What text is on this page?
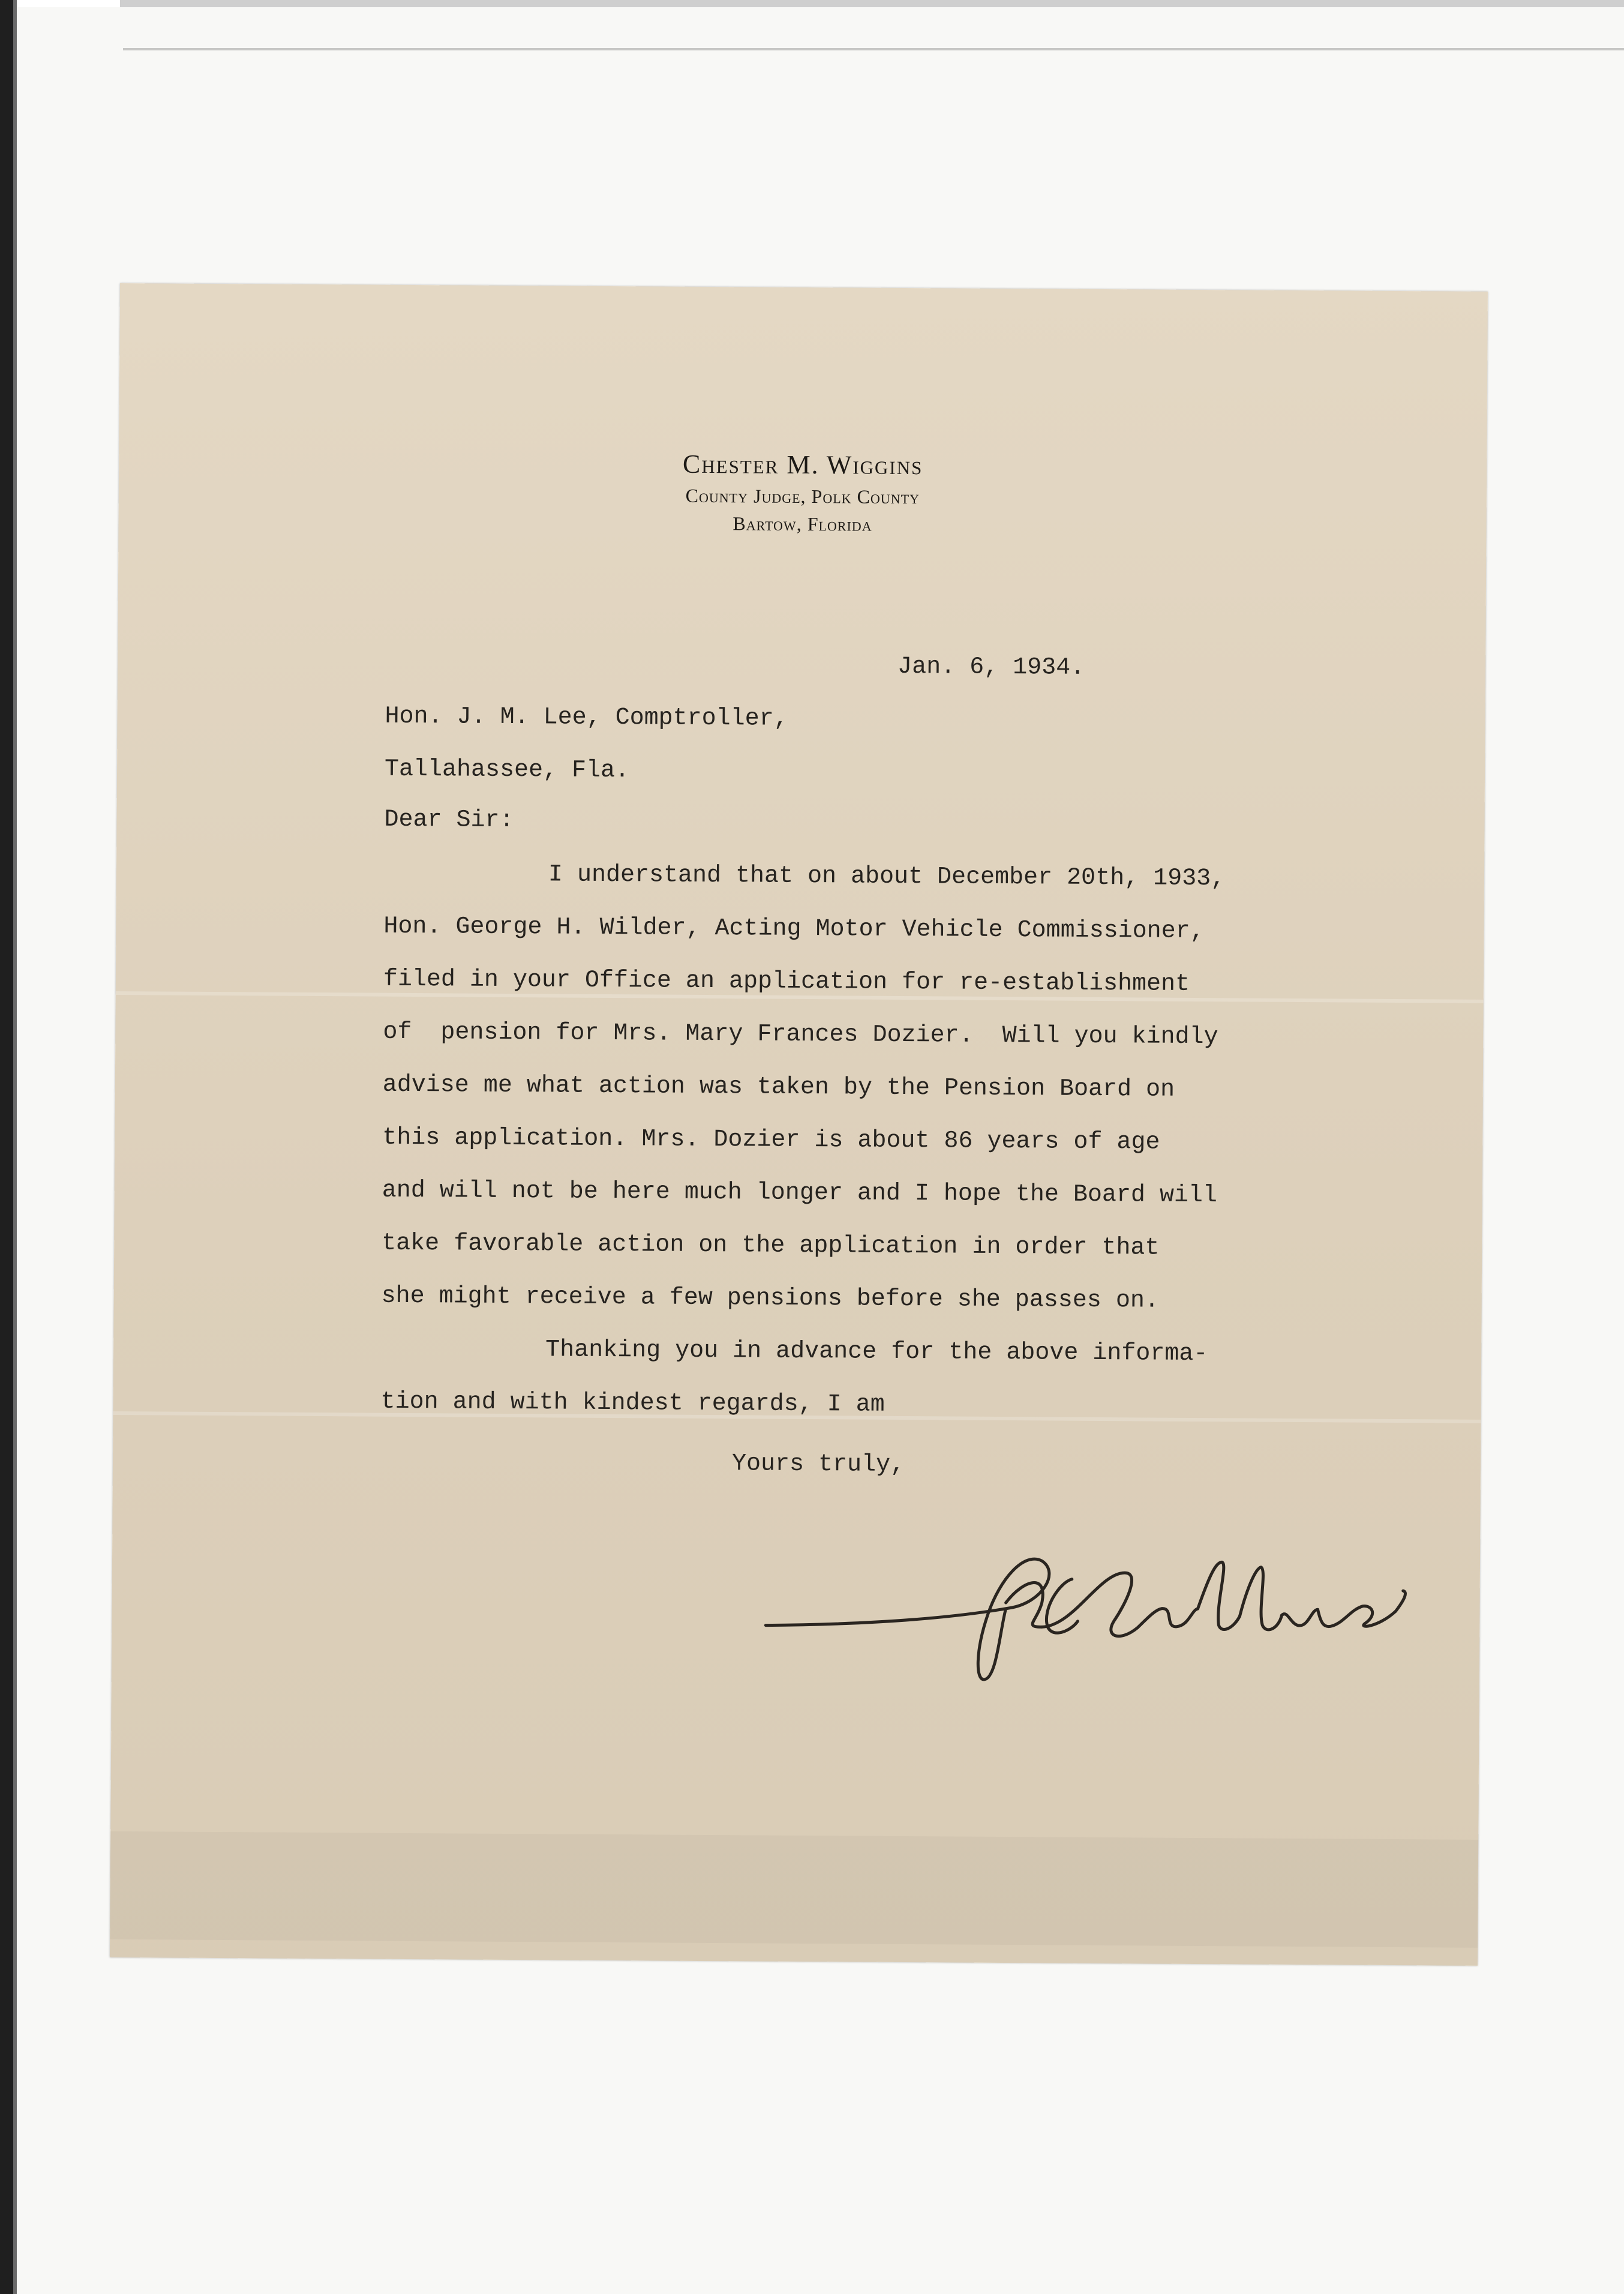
Chester M. Wiggins
County Judge, Polk County
Bartow, Florida
Jan. 6, 1934.
Hon. J. M. Lee, Comptroller,
Tallahassee, Fla.
Dear Sir:
I understand that on about December 20th, 1933,
Hon. George H. Wilder, Acting Motor Vehicle Commissioner,
filed in your Office an application for re-establishment
of  pension for Mrs. Mary Frances Dozier.  Will you kindly
advise me what action was taken by the Pension Board on
this application. Mrs. Dozier is about 86 years of age
and will not be here much longer and I hope the Board will
take favorable action on the application in order that
she might receive a few pensions before she passes on.
Thanking you in advance for the above informa-
tion and with kindest regards, I am
Yours truly,
